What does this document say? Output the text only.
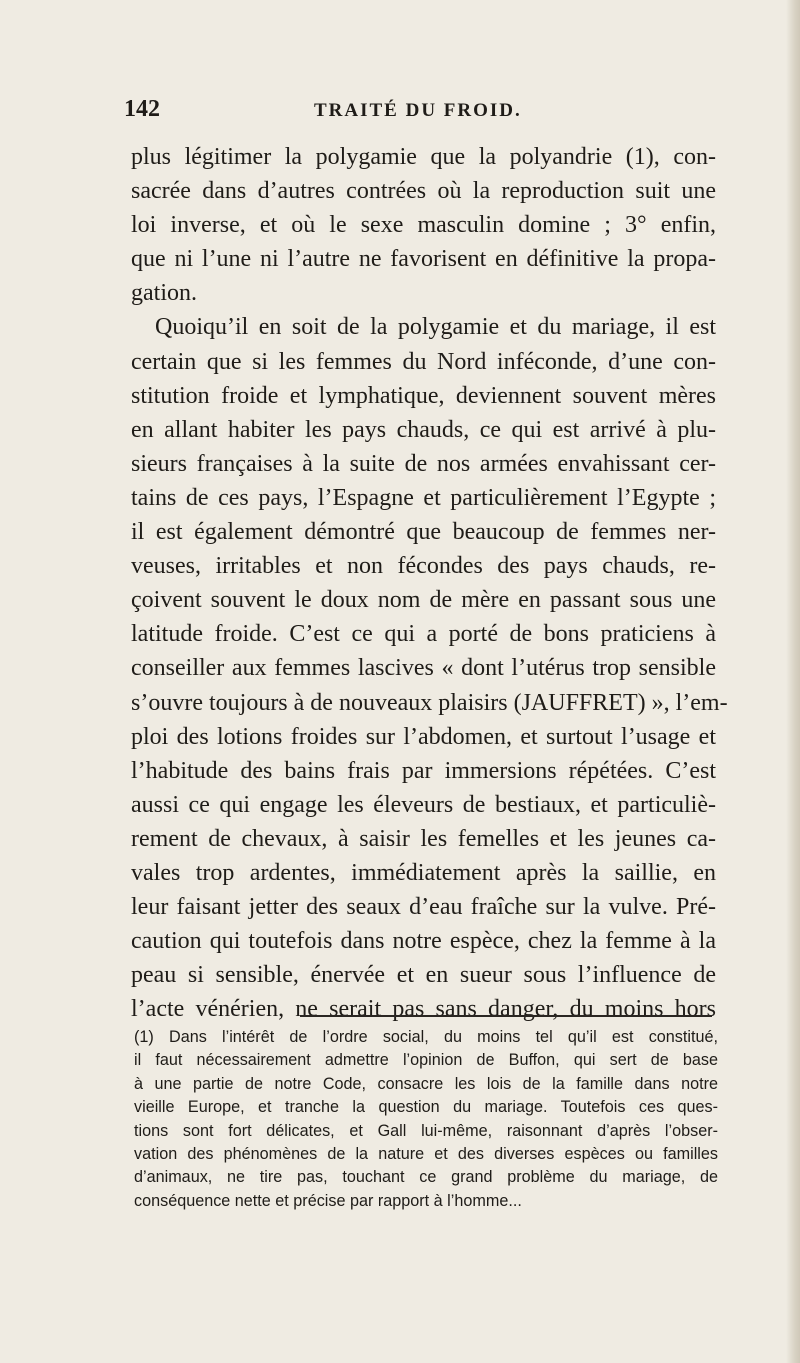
142	TRAITÉ DU FROID.
plus légitimer la polygamie que la polyandrie (1), con-
sacrée dans d’autres contrées où la reproduction suit une
loi inverse, et où le sexe masculin domine ; 3° enfin,
que ni l’une ni l’autre ne favorisent en définitive la propa-
gation.
Quoiqu’il en soit de la polygamie et du mariage, il est
certain que si les femmes du Nord inféconde, d’une con-
stitution froide et lymphatique, deviennent souvent mères
en allant habiter les pays chauds, ce qui est arrivé à plu-
sieurs françaises à la suite de nos armées envahissant cer-
tains de ces pays, l’Espagne et particulièrement l’Egypte ;
il est également démontré que beaucoup de femmes ner-
veuses, irritables et non fécondes des pays chauds, re-
çoivent souvent le doux nom de mère en passant sous une
latitude froide. C’est ce qui a porté de bons praticiens à
conseiller aux femmes lascives « dont l’utérus trop sensible
s’ouvre toujours à de nouveaux plaisirs (JAUFFRET) », l’em-
ploi des lotions froides sur l’abdomen, et surtout l’usage et
l’habitude des bains frais par immersions répétées. C’est
aussi ce qui engage les éleveurs de bestiaux, et particuliè-
rement de chevaux, à saisir les femelles et les jeunes ca-
vales trop ardentes, immédiatement après la saillie, en
leur faisant jetter des seaux d’eau fraîche sur la vulve. Pré-
caution qui toutefois dans notre espèce, chez la femme à la
peau si sensible, énervée et en sueur sous l’influence de
l’acte vénérien, ne serait pas sans danger, du moins hors
(1) Dans l’intérêt de l’ordre social, du moins tel qu’il est constitué,
il faut nécessairement admettre l’opinion de Buffon, qui sert de base
à une partie de notre Code, consacre les lois de la famille dans notre
vieille Europe, et tranche la question du mariage. Toutefois ces ques-
tions sont fort délicates, et Gall lui-même, raisonnant d’après l’obser-
vation des phénomènes de la nature et des diverses espèces ou familles
d’animaux, ne tire pas, touchant ce grand problème du mariage, de
conséquence nette et précise par rapport à l’homme...
